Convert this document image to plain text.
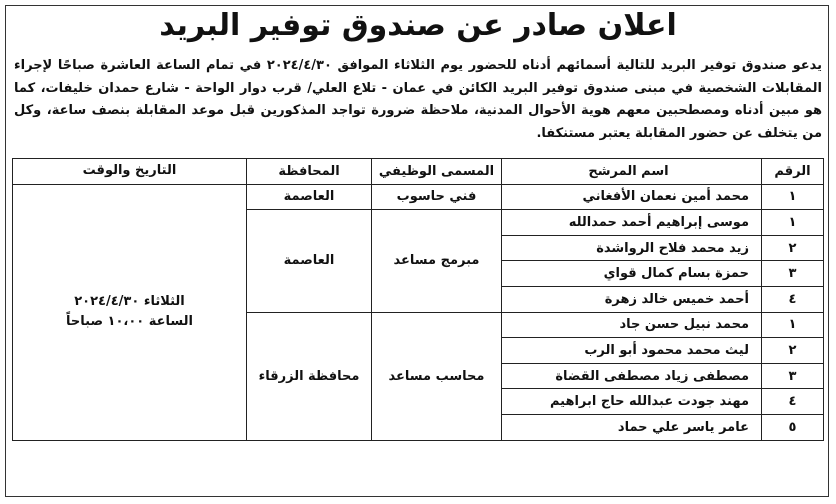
اعلان صادر عن صندوق توفير البريد
يدعو صندوق توفير البريد للتالية أسمائهم أدناه للحضور يوم الثلاثاء الموافق ٢٠٢٤/٤/٣٠ في تمام الساعة العاشرة صباحًا لإجراء المقابلات الشخصية في مبنى صندوق توفير البريد الكائن في عمان - تلاع العلي/ قرب دوار الواحة - شارع حمدان خليفات، كما هو مبين أدناه ومصطحبين معهم هوية الأحوال المدنية، ملاحظة ضرورة تواجد المذكورين قبل موعد المقابلة بنصف ساعة، وكل من يتخلف عن حضور المقابلة يعتبر مستنكفا.
الرقم	اسم المرشح	المسمى الوظيفي	المحافظة	التاريخ والوقت
١	محمد أمين نعمان الأفغاني	فني حاسوب	العاصمة	الثلاثاء ٢٠٢٤/٤/٣٠
الساعة ١٠،٠٠ صباحاً

١	موسى إبراهيم أحمد حمدالله	مبرمج مساعد	العاصمة	
٢	زيد محمد فلاح الرواشدة			
٣	حمزة بسام كمال قواي			
٤	أحمد خميس خالد زهرة			
١	محمد نبيل حسن جاد	محاسب مساعد	محافظة الزرقاء	
٢	ليث محمد محمود أبو الرب			
٣	مصطفى زياد مصطفى القضاة			
٤	مهند جودت عبدالله حاج ابراهيم			
٥	عامر ياسر علي حماد			
